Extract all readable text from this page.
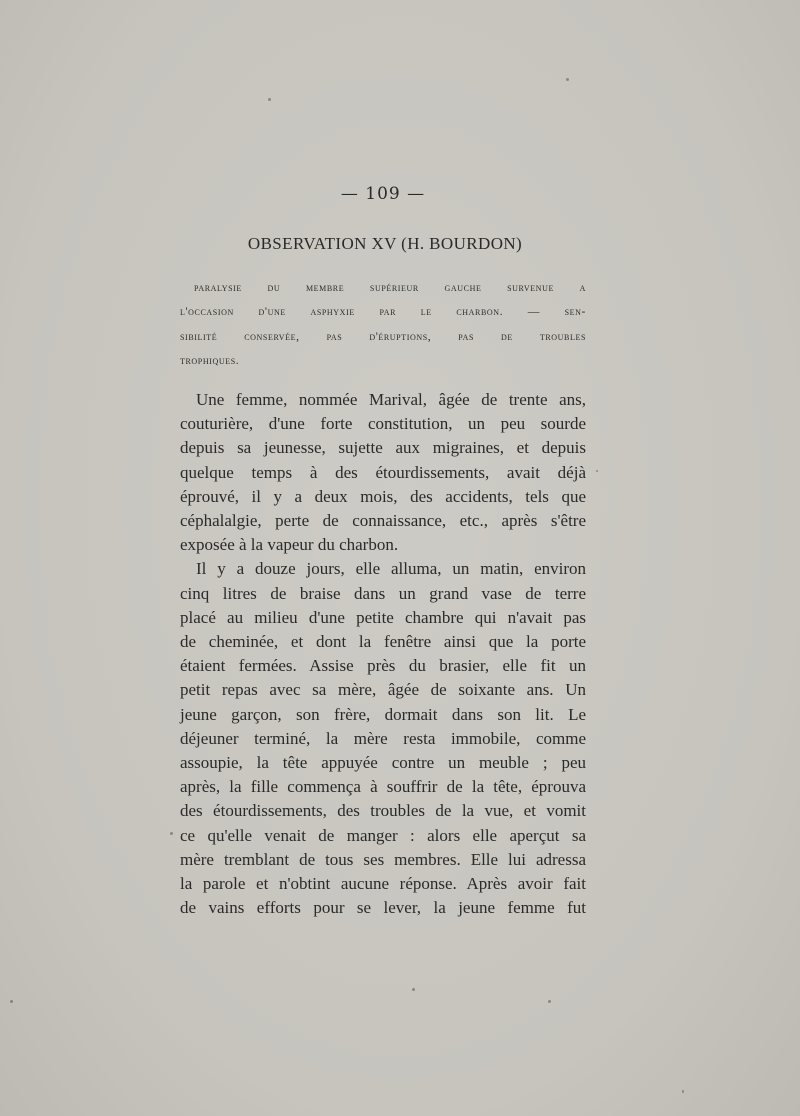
— 109 —
OBSERVATION XV (H. BOURDON)
paralysie du membre supérieur gauche survenue a
l'occasion d'une asphyxie par le charbon. — sen-
sibilité conservée, pas d'éruptions, pas de troubles
trophiques.
Une femme, nommée Marival, âgée de trente ans,
couturière, d'une forte constitution, un peu sourde
depuis sa jeunesse, sujette aux migraines, et depuis
quelque temps à des étourdissements, avait déjà
éprouvé, il y a deux mois, des accidents, tels que
céphalalgie, perte de connaissance, etc., après s'être
exposée à la vapeur du charbon.
Il y a douze jours, elle alluma, un matin, environ
cinq litres de braise dans un grand vase de terre
placé au milieu d'une petite chambre qui n'avait pas
de cheminée, et dont la fenêtre ainsi que la porte
étaient fermées. Assise près du brasier, elle fit un
petit repas avec sa mère, âgée de soixante ans. Un
jeune garçon, son frère, dormait dans son lit. Le
déjeuner terminé, la mère resta immobile, comme
assoupie, la tête appuyée contre un meuble ; peu
après, la fille commença à souffrir de la tête, éprouva
des étourdissements, des troubles de la vue, et vomit
ce qu'elle venait de manger : alors elle aperçut sa
mère tremblant de tous ses membres. Elle lui adressa
la parole et n'obtint aucune réponse. Après avoir fait
de vains efforts pour se lever, la jeune femme fut
